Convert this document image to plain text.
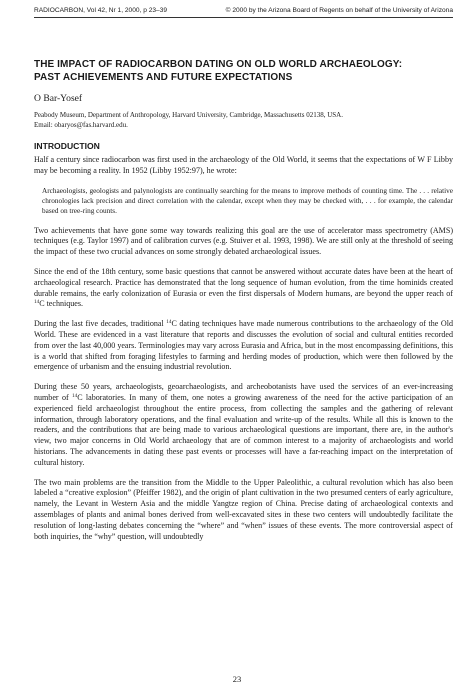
RADIOCARBON, Vol 42, Nr 1, 2000, p 23–39	© 2000 by the Arizona Board of Regents on behalf of the University of Arizona
THE IMPACT OF RADIOCARBON DATING ON OLD WORLD ARCHAEOLOGY:
PAST ACHIEVEMENTS AND FUTURE EXPECTATIONS
O Bar-Yosef
Peabody Museum, Department of Anthropology, Harvard University, Cambridge, Massachusetts 02138, USA.
Email: obaryos@fas.harvard.edu.
INTRODUCTION

Half a century since radiocarbon was first used in the archaeology of the Old World, it seems that the expectations of W F Libby may be becoming a reality. In 1952 (Libby 1952:97), he wrote:

Archaeologists, geologists and palynologists are continually searching for the means to improve methods of counting time. The . . . relative chronologies lack precision and direct correlation with the calendar, except when they may be checked with, . . . for example, the calendar based on tree-ring counts.

Two achievements that have gone some way towards realizing this goal are the use of accelerator mass spectrometry (AMS) techniques (e.g. Taylor 1997) and of calibration curves (e.g. Stuiver et al. 1993, 1998). We are still only at the threshold of seeing the impact of these two crucial advances on some strongly debated archaeological issues.

Since the end of the 18th century, some basic questions that cannot be answered without accurate dates have been at the heart of archaeological research. Practice has demonstrated that the long sequence of human evolution, from the time hominids created durable remains, the early colonization of Eurasia or even the first dispersals of Modern humans, are beyond the upper reach of $^{14}$C techniques.

During the last five decades, traditional $^{14}$C dating techniques have made numerous contributions to the archaeology of the Old World. These are evidenced in a vast literature that reports and discusses the evolution of social and cultural entities recorded from over the last 40,000 years. Terminologies may vary across Eurasia and Africa, but in the most encompassing definitions, this is a world that shifted from foraging lifestyles to farming and herding modes of production, which were then followed by the emergence of urbanism and the ensuing industrial revolution.

During these 50 years, archaeologists, geoarchaeologists, and archeobotanists have used the services of an ever-increasing number of $^{14}$C laboratories. In many of them, one notes a growing awareness of the need for the active participation of an experienced field archaeologist throughout the entire process, from collecting the samples and the gathering of relevant information, through laboratory operations, and the final evaluation and write-up of the results. While all this is known to the readers, and the contributions that are being made to various archaeological questions are important, there are, in the author's view, two major concerns in Old World archaeology that are of common interest to a majority of archaeologists and world historians. The advancements in dating these past events or processes will have a far-reaching impact on the interpretation of cultural history.

The two main problems are the transition from the Middle to the Upper Paleolithic, a cultural revolution which has also been labeled a “creative explosion” (Pfeiffer 1982), and the origin of plant cultivation in the two presumed centers of early agriculture, namely, the Levant in Western Asia and the middle Yangtze region of China. Precise dating of archaeological contexts and assemblages of plants and animal bones derived from well-excavated sites in these two centers will undoubtedly facilitate the resolution of long-lasting debates concerning the “where” and “when” issues of these events. The more controversial aspect of both inquiries, the “why” question, will undoubtedly

23
